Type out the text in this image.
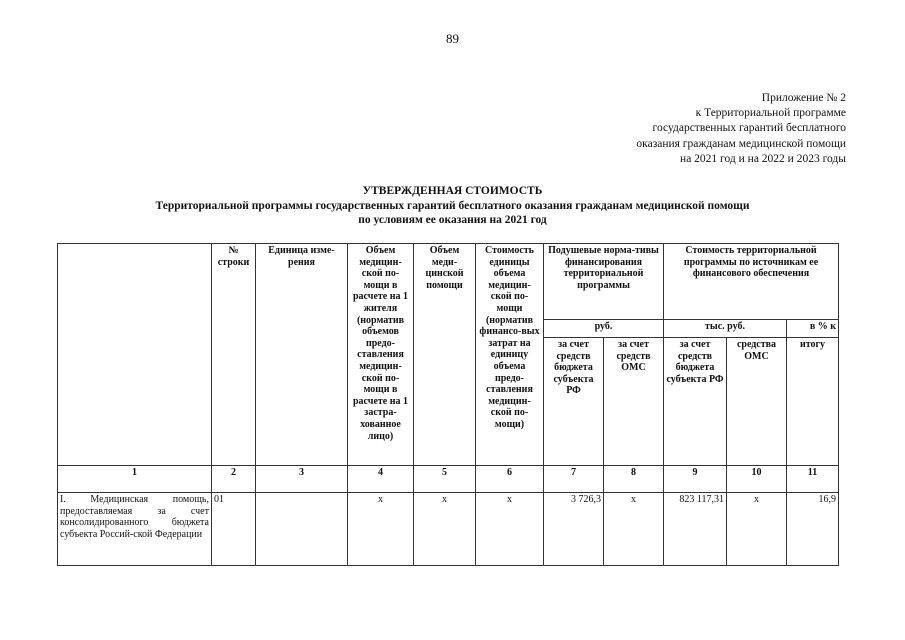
89
Приложение № 2
к Территориальной программе
государственных гарантий бесплатного
оказания гражданам медицинской помощи
на 2021 год и на 2022 и 2023 годы
УТВЕРЖДЕННАЯ СТОИМОСТЬ
Территориальной программы государственных гарантий бесплатного оказания гражданам медицинской помощи
по условиям ее оказания на 2021 год
	№ строки	Единица изме-рения	Объем медицин-ской по-мощи в расчете на 1 жителя (норматив объемов предо-ставления медицин-ской по-мощи в расчете на 1 застра-хованное лицо)	Объем меди-цинской помощи	Стоимость единицы объема медицин-ской по-мощи (норматив финансо-вых затрат на единицу объема предо-ставления медицин-ской по-мощи)	Подушевые норма-тивы финансирования территориальной программы		Стоимость территориальной программы по источникам ее финансового обеспечения		
						руб.		тыс. руб.		в % к
						за счет средств бюджета субъекта РФ	за счет средств ОМС	за счет средств бюджета субъекта РФ	средства ОМС	итогу
1	2	3	4	5	6	7	8	9	10	11
I. Медицинская помощь, предоставляемая за счет консолидированного бюджета субъекта Россий-ской Федерации	01		х	х	х	3 726,3	х	823 117,31	х	16,9
